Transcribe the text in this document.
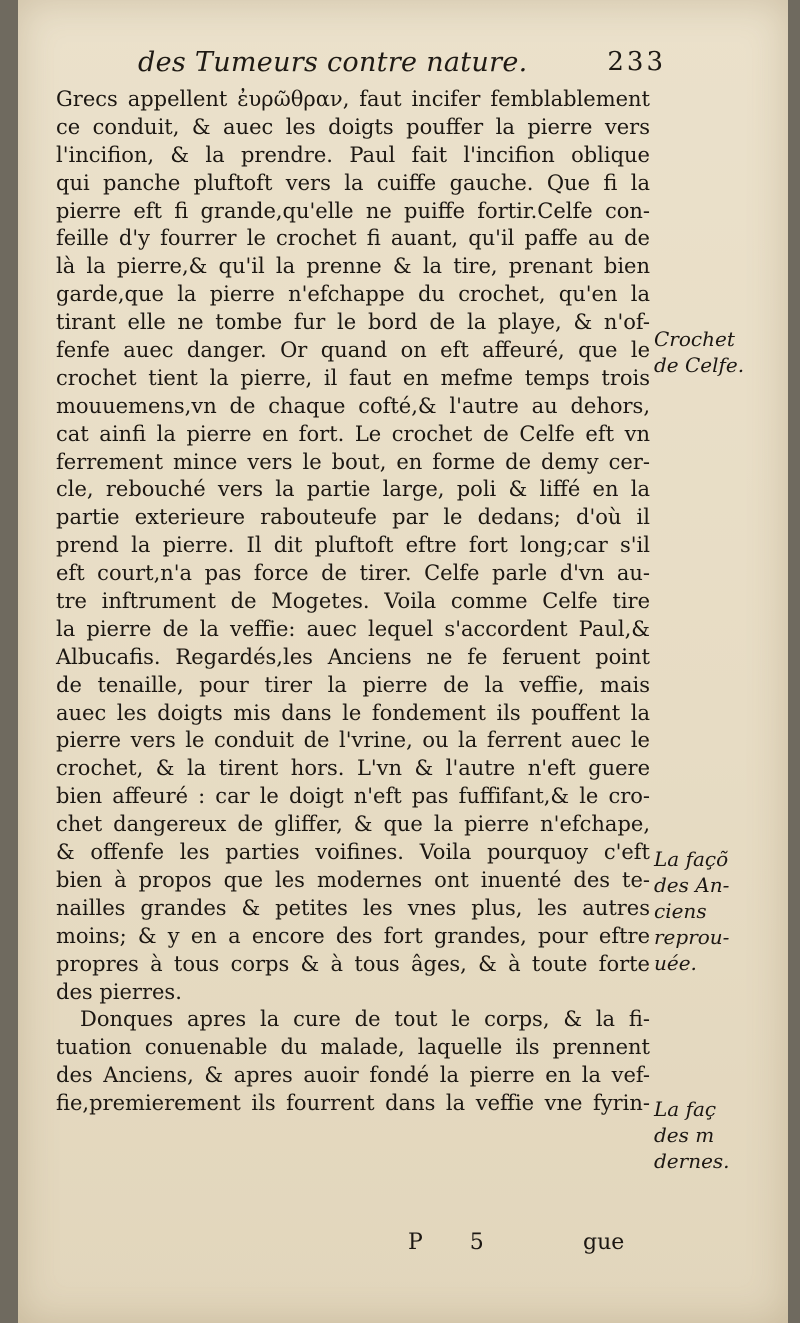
des Tumeurs contre nature.	233
Grecs appellent ἐυρῶθραν, faut incifer femblablement
ce conduit, & auec les doigts pouffer la pierre vers
l'incifion, & la prendre. Paul fait l'incifion oblique
qui panche pluftoft vers la cuiffe gauche. Que fi la
pierre eft fi grande,qu'elle ne puiffe fortir.Celfe con-
feille d'y fourrer le crochet fi auant, qu'il paffe au de
là la pierre,& qu'il la prenne & la tire, prenant bien
garde,que la pierre n'efchappe du crochet, qu'en la
tirant elle ne tombe fur le bord de la playe, & n'of-
fenfe auec danger. Or quand on eft affeuré, que le
crochet tient la pierre, il faut en mefme temps trois
mouuemens,vn de chaque cofté,& l'autre au dehors,
cat ainfi la pierre en fort. Le crochet de Celfe eft vn
ferrement mince vers le bout, en forme de demy cer-
cle, rebouché vers la partie large, poli & liffé en la
partie exterieure rabouteufe par le dedans; d'où il
prend la pierre. Il dit pluftoft eftre fort long;car s'il
eft court,n'a pas force de tirer. Celfe parle d'vn au-
tre inftrument de Mogetes. Voila comme Celfe tire
la pierre de la veffie: auec lequel s'accordent Paul,&
Albucafis. Regardés,les Anciens ne fe feruent point
de tenaille, pour tirer la pierre de la veffie, mais
auec les doigts mis dans le fondement ils pouffent la
pierre vers le conduit de l'vrine, ou la ferrent auec le
crochet, & la tirent hors. L'vn & l'autre n'eft guere
bien affeuré : car le doigt n'eft pas fuffifant,& le cro-
chet dangereux de gliffer, & que la pierre n'efchape,
& offenfe les parties voifines. Voila pourquoy c'eft
bien à propos que les modernes ont inuenté des te-
nailles grandes & petites les vnes plus, les autres
moins; & y en a encore des fort grandes, pour eftre
propres à tous corps & à tous âges, & à toute forte
des pierres.
Donques apres la cure de tout le corps, & la fi-
tuation conuenable du malade, laquelle ils prennent
des Anciens, & apres auoir fondé la pierre en la vef-
fie,premierement ils fourrent dans la veffie vne fyrin-
Crochet
de Celfe.
La façõ
des An-
ciens
reprou-
uée.
La faç
des m
dernes.
P 5	gue
